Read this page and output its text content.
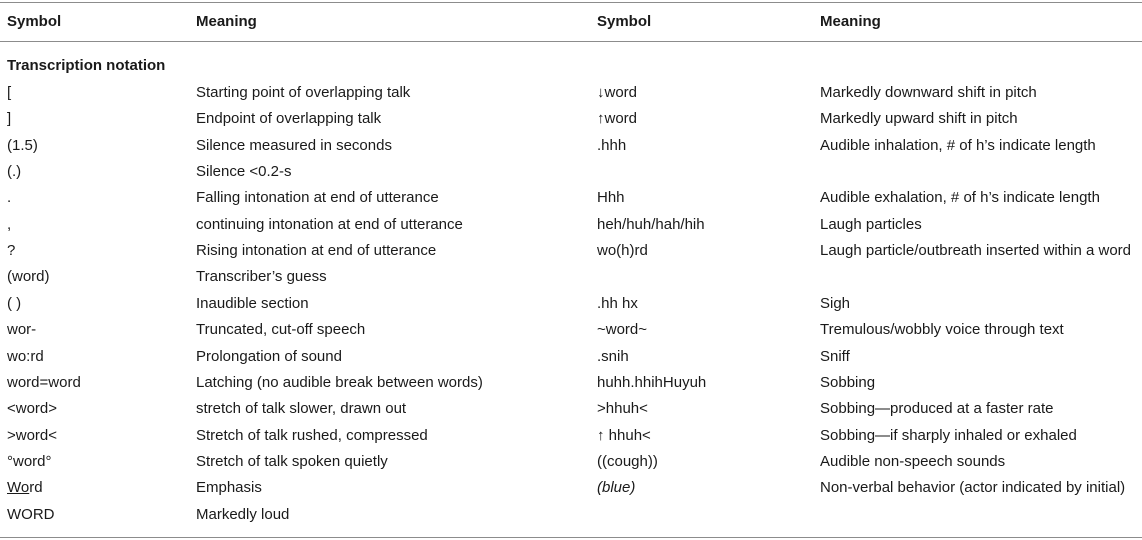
Symbol	Meaning	Symbol	Meaning
Transcription notation
[	Starting point of overlapping talk	↓word	Markedly downward shift in pitch
]	Endpoint of overlapping talk	↑word	Markedly upward shift in pitch
(1.5)	Silence measured in seconds	.hhh	Audible inhalation, # of h’s indicate length
(.)	Silence <0.2-s
.	Falling intonation at end of utterance	Hhh	Audible exhalation, # of h’s indicate length
,	continuing intonation at end of utterance	heh/huh/hah/hih	Laugh particles
?	Rising intonation at end of utterance	wo(h)rd	Laugh particle/outbreath inserted within a word
(word)	Transcriber’s guess
( )	Inaudible section	.hh hx	Sigh
wor-	Truncated, cut-off speech	~word~	Tremulous/wobbly voice through text
wo:rd	Prolongation of sound	.snih	Sniff
word=word	Latching (no audible break between words)	huhh.hhihHuyuh	Sobbing
<word>	stretch of talk slower, drawn out	>hhuh<	Sobbing—produced at a faster rate
>word<	Stretch of talk rushed, compressed	↑ hhuh<	Sobbing—if sharply inhaled or exhaled
°word°	Stretch of talk spoken quietly	((cough))	Audible non-speech sounds
Word	Emphasis	(blue)	Non-verbal behavior (actor indicated by initial)
WORD	Markedly loud
